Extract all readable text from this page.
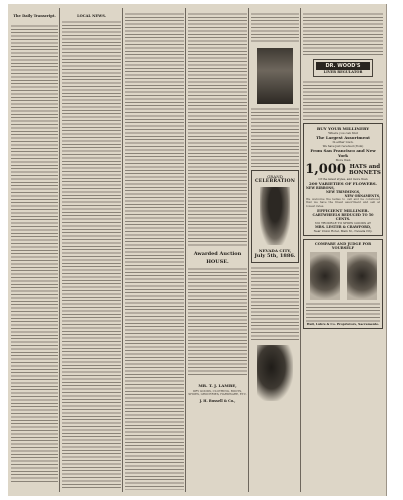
The Daily Transcript.

	LOCAL NEWS.

Awarded Auction

HOUSE.

MR. T. J. LAMBE,

DRY GOODS, CLOTHING, BOOTS, SHOES, GROCERIES, HARDWARE, ETC.

J. H. Russell & Co.,

GRAND
CELEBRATION
NEVADA CITY,
July 5th, 1886.
DR. WOOD'S
LIVER REGULATOR
BUY YOUR MILLINERY
Where you can find
The Largest Assortment
In either town.
We have just received (from)
From San Francisco and New York
More than
1,000 HATS and
BONNETS
Of the latest styles, and more than
200 VARIETIES OF FLOWERS.
NEW RIBBONS,
NEW TRIMMINGS,
NEW ORNAMENTS,

We welcome the ladies to call and be convinced that we have the finest assortment and sell at lowest rates.

EFFICIENT MILLINER.
CARTWHEELS REDUCED TO 50 CENTS.
NO TROUBLE TO SHOW GOODS AT
MRS. LESTER & CRAWFORD,
Near Union Hotel, Main St., Nevada City.
COMPARE AND JUDGE FOR YOURSELF
Hall, Luhrs & Co. Proprietors, Sacramento.
